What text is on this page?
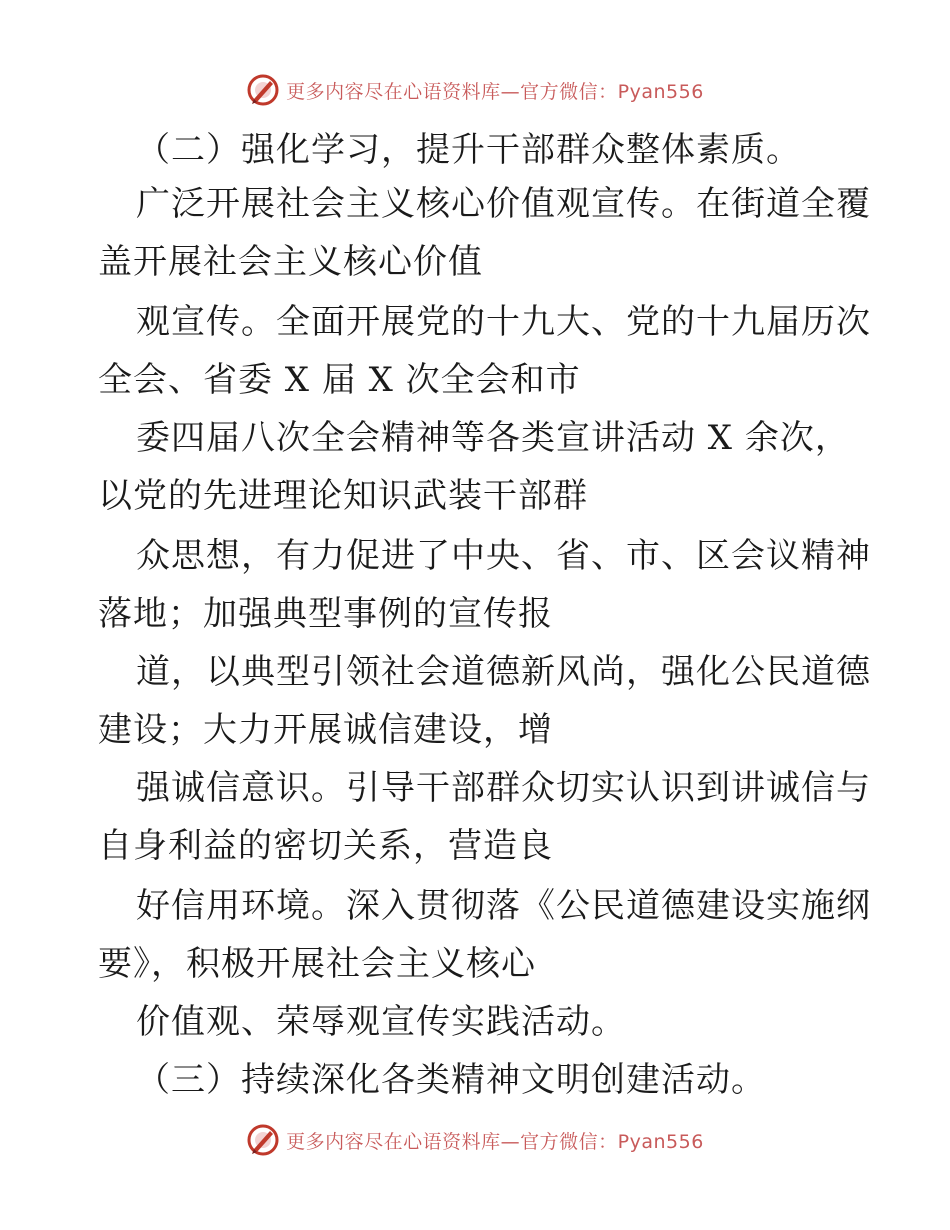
更多内容尽在心语资料库—官方微信：Pyan556
（二）强化学习，提升干部群众整体素质。
广泛开展社会主义核心价值观宣传。在街道全覆
盖开展社会主义核心价值
观宣传。全面开展党的十九大、党的十九届历次
全会、省委 X 届 X 次全会和市
委四届八次全会精神等各类宣讲活动 X 余次，
以党的先进理论知识武装干部群
众思想，有力促进了中央、省、市、区会议精神
落地；加强典型事例的宣传报
道，以典型引领社会道德新风尚，强化公民道德
建设；大力开展诚信建设，增
强诚信意识。引导干部群众切实认识到讲诚信与
自身利益的密切关系，营造良
好信用环境。深入贯彻落《公民道德建设实施纲
要》，积极开展社会主义核心
价值观、荣辱观宣传实践活动。
（三）持续深化各类精神文明创建活动。
更多内容尽在心语资料库—官方微信：Pyan556
